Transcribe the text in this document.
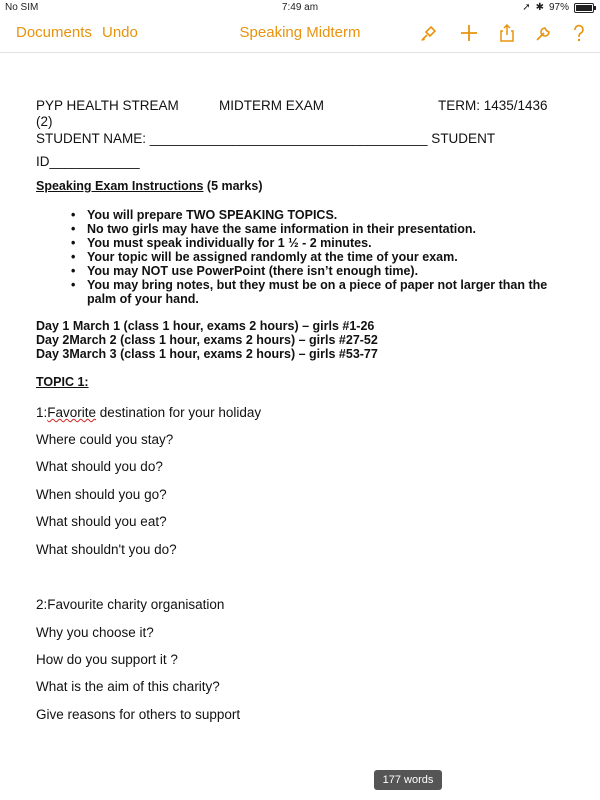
No SIM	7:49 am	➚ ✱ 97%
Documents Undo	Speaking Midterm
PYP HEALTH STREAM	MIDTERM EXAM	TERM: 1435/1436
(2)
STUDENT NAME: _____________________________________ STUDENT
ID____________
Speaking Exam Instructions (5 marks)
• You will prepare TWO SPEAKING TOPICS.
• No two girls may have the same information in their presentation.
• You must speak individually for 1 ½ - 2 minutes.
• Your topic will be assigned randomly at the time of your exam.
• You may NOT use PowerPoint (there isn’t enough time).
• You may bring notes, but they must be on a piece of paper not larger than the palm of your hand.
Day 1 March 1 (class 1 hour, exams 2 hours) – girls #1-26
Day 2March 2 (class 1 hour, exams 2 hours) – girls #27-52
Day 3March 3 (class 1 hour, exams 2 hours) – girls #53-77
TOPIC 1:
1:Favorite destination for your holiday
Where could you stay?
What should you do?
When should you go?
What should you eat?
What shouldn't you do?
2:Favourite charity organisation
Why you choose it?
How do you support it ?
What is the aim of this charity?
Give reasons for others to support
177 words
